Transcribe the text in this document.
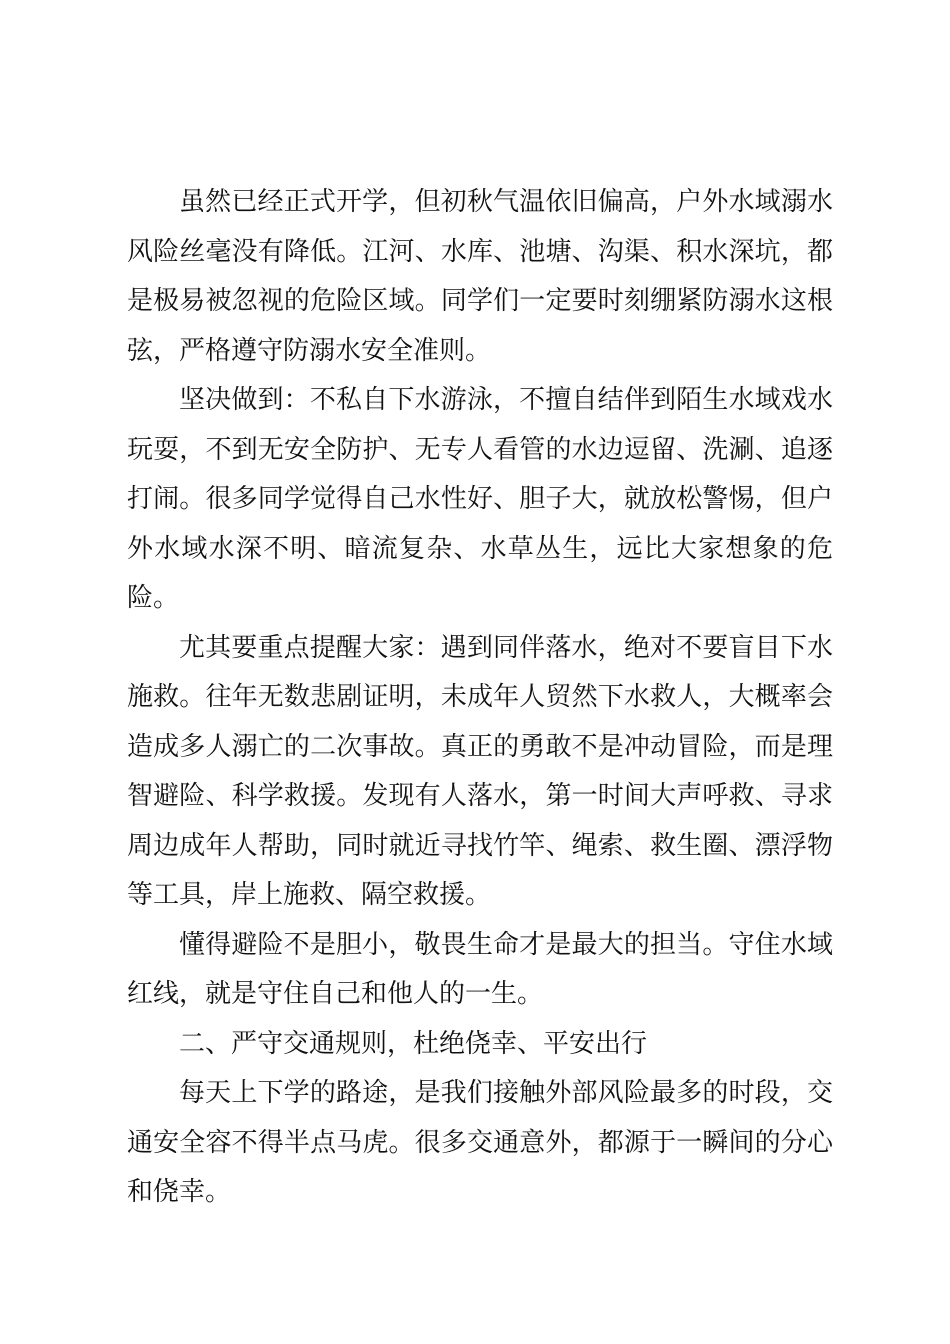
虽然已经正式开学，但初秋气温依旧偏高，户外水域溺水风险丝毫没有降低。江河、水库、池塘、沟渠、积水深坑，都是极易被忽视的危险区域。同学们一定要时刻绷紧防溺水这根弦，严格遵守防溺水安全准则。

坚决做到：不私自下水游泳，不擅自结伴到陌生水域戏水玩耍，不到无安全防护、无专人看管的水边逗留、洗涮、追逐打闹。很多同学觉得自己水性好、胆子大，就放松警惕，但户外水域水深不明、暗流复杂、水草丛生，远比大家想象的危险。

尤其要重点提醒大家：遇到同伴落水，绝对不要盲目下水施救。往年无数悲剧证明，未成年人贸然下水救人，大概率会造成多人溺亡的二次事故。真正的勇敢不是冲动冒险，而是理智避险、科学救援。发现有人落水，第一时间大声呼救、寻求周边成年人帮助，同时就近寻找竹竿、绳索、救生圈、漂浮物等工具，岸上施救、隔空救援。

懂得避险不是胆小，敬畏生命才是最大的担当。守住水域红线，就是守住自己和他人的一生。

二、严守交通规则，杜绝侥幸、平安出行

每天上下学的路途，是我们接触外部风险最多的时段，交通安全容不得半点马虎。很多交通意外，都源于一瞬间的分心和侥幸。
